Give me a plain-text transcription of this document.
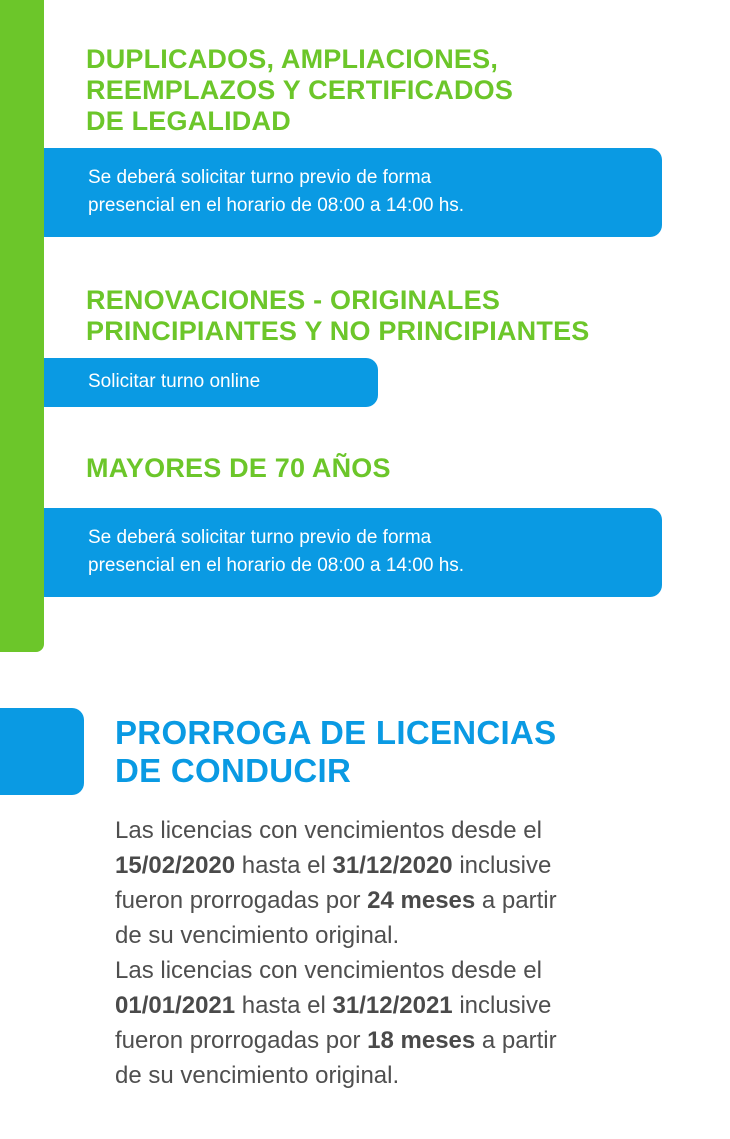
DUPLICADOS, AMPLIACIONES,
REEMPLAZOS Y CERTIFICADOS
DE LEGALIDAD
Se deberá solicitar turno previo de forma
presencial en el horario de 08:00 a 14:00 hs.
RENOVACIONES - ORIGINALES
PRINCIPIANTES Y NO PRINCIPIANTES
Solicitar turno online
MAYORES DE 70 AÑOS
Se deberá solicitar turno previo de forma
presencial en el horario de 08:00 a 14:00 hs.
PRORROGA DE LICENCIAS
DE CONDUCIR

Las licencias con vencimientos desde el
15/02/2020 hasta el 31/12/2020 inclusive
fueron prorrogadas por 24 meses a partir
de su vencimiento original.

Las licencias con vencimientos desde el
01/01/2021 hasta el 31/12/2021 inclusive
fueron prorrogadas por 18 meses a partir
de su vencimiento original.
